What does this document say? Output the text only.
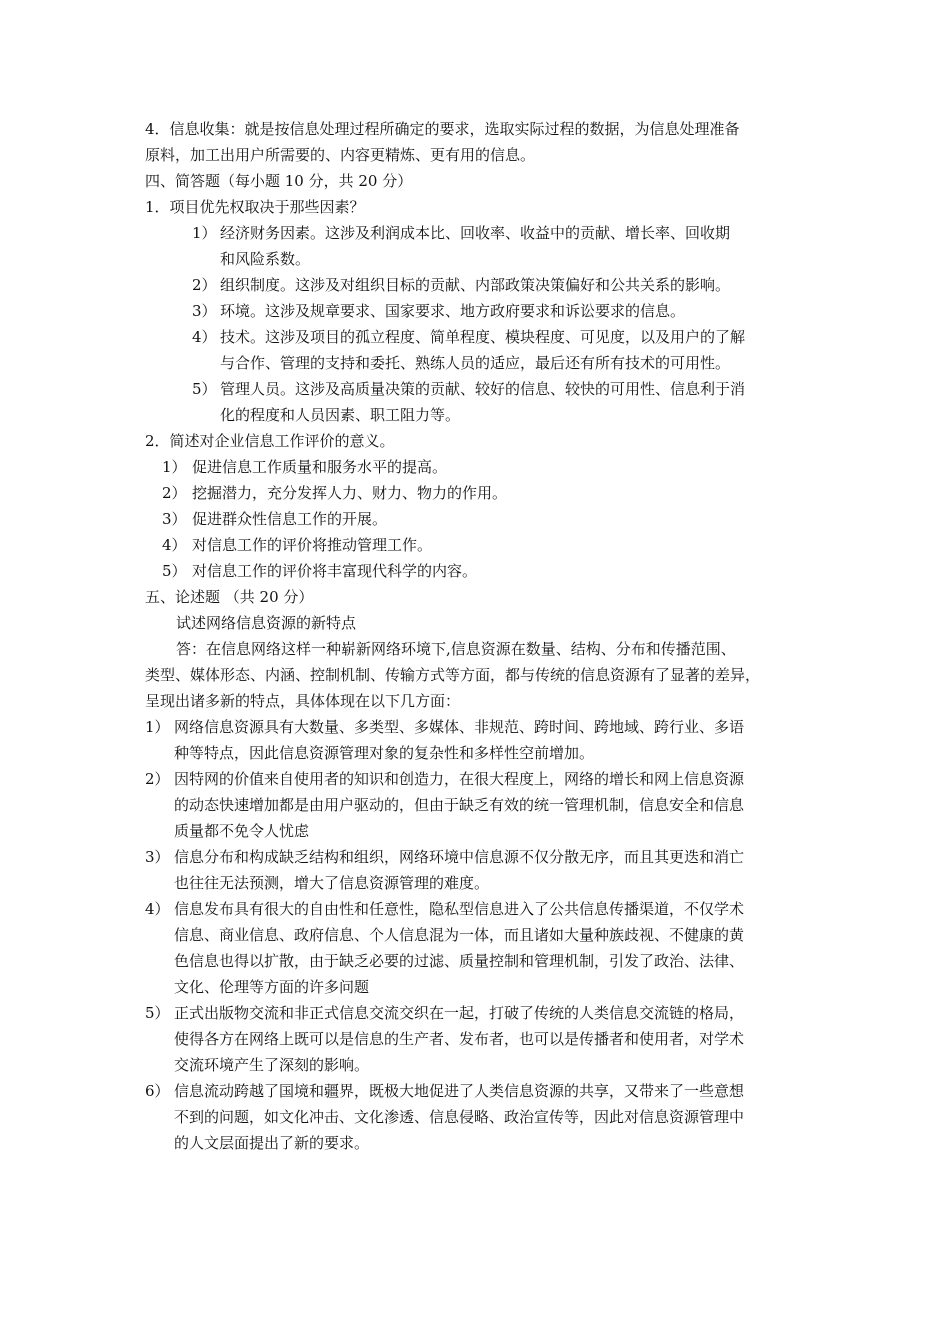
4．信息收集：就是按信息处理过程所确定的要求，选取实际过程的数据，为信息处理准备
原料，加工出用户所需要的、内容更精炼、更有用的信息。
四、简答题（每小题 10 分，共 20 分）
1．项目优先权取决于那些因素？
1） 经济财务因素。这涉及利润成本比、回收率、收益中的贡献、增长率、回收期
和风险系数。
2） 组织制度。这涉及对组织目标的贡献、内部政策决策偏好和公共关系的影响。
3） 环境。这涉及规章要求、国家要求、地方政府要求和诉讼要求的信息。
4） 技术。这涉及项目的孤立程度、简单程度、模块程度、可见度，以及用户的了解
与合作、管理的支持和委托、熟练人员的适应，最后还有所有技术的可用性。
5） 管理人员。这涉及高质量决策的贡献、较好的信息、较快的可用性、信息利于消
化的程度和人员因素、职工阻力等。
2．简述对企业信息工作评价的意义。
1） 促进信息工作质量和服务水平的提高。
2） 挖掘潜力，充分发挥人力、财力、物力的作用。
3） 促进群众性信息工作的开展。
4） 对信息工作的评价将推动管理工作。
5） 对信息工作的评价将丰富现代科学的内容。
五、论述题 （共 20 分）
试述网络信息资源的新特点
答：在信息网络这样一种崭新网络环境下,信息资源在数量、结构、分布和传播范围、
类型、媒体形态、内涵、控制机制、传输方式等方面，都与传统的信息资源有了显著的差异，
呈现出诸多新的特点，具体体现在以下几方面：
1） 网络信息资源具有大数量、多类型、多媒体、非规范、跨时间、跨地域、跨行业、多语
种等特点，因此信息资源管理对象的复杂性和多样性空前增加。
2） 因特网的价值来自使用者的知识和创造力，在很大程度上，网络的增长和网上信息资源
的动态快速增加都是由用户驱动的，但由于缺乏有效的统一管理机制，信息安全和信息
质量都不免令人忧虑
3） 信息分布和构成缺乏结构和组织，网络环境中信息源不仅分散无序，而且其更迭和消亡
也往往无法预测，增大了信息资源管理的难度。
4） 信息发布具有很大的自由性和任意性，隐私型信息进入了公共信息传播渠道，不仅学术
信息、商业信息、政府信息、个人信息混为一体，而且诸如大量种族歧视、不健康的黄
色信息也得以扩散，由于缺乏必要的过滤、质量控制和管理机制，引发了政治、法律、
文化、伦理等方面的许多问题
5） 正式出版物交流和非正式信息交流交织在一起，打破了传统的人类信息交流链的格局，
使得各方在网络上既可以是信息的生产者、发布者，也可以是传播者和使用者，对学术
交流环境产生了深刻的影响。
6） 信息流动跨越了国境和疆界，既极大地促进了人类信息资源的共享，又带来了一些意想
不到的问题，如文化冲击、文化渗透、信息侵略、政治宣传等，因此对信息资源管理中
的人文层面提出了新的要求。
